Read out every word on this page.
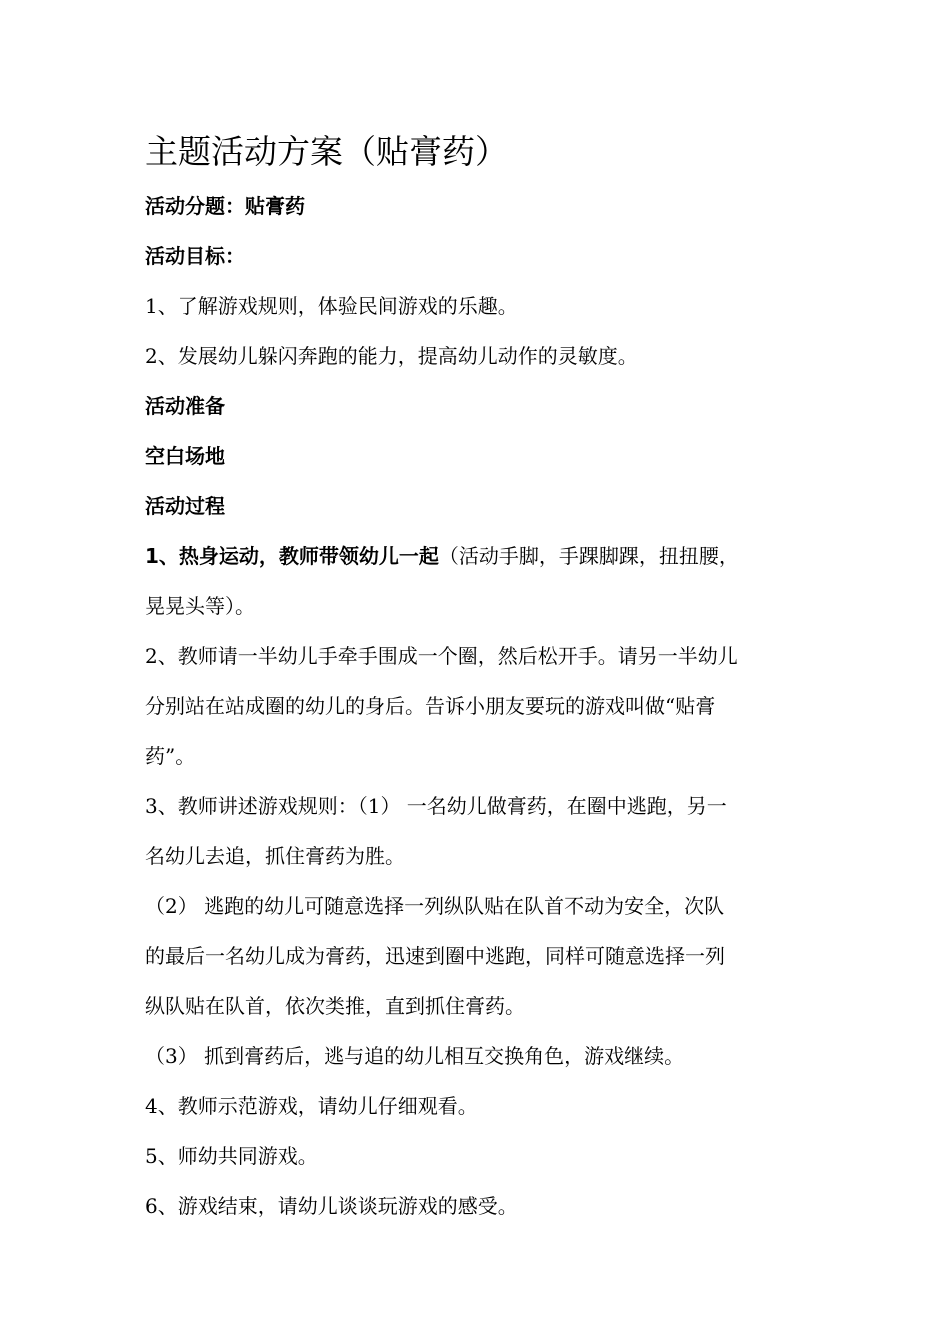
主题活动方案（贴膏药）

活动分题：贴膏药

活动目标：

1、了解游戏规则，体验民间游戏的乐趣。

2、发展幼儿躲闪奔跑的能力，提高幼儿动作的灵敏度。

活动准备

空白场地

活动过程

1、热身运动，教师带领幼儿一起（活动手脚，手踝脚踝，扭扭腰，

晃晃头等）。

2、教师请一半幼儿手牵手围成一个圈，然后松开手。请另一半幼儿

分别站在站成圈的幼儿的身后。告诉小朋友要玩的游戏叫做“贴膏

药”。

3、教师讲述游戏规则：（1） 一名幼儿做膏药，在圈中逃跑，另一

名幼儿去追，抓住膏药为胜。

（2） 逃跑的幼儿可随意选择一列纵队贴在队首不动为安全，次队

的最后一名幼儿成为膏药，迅速到圈中逃跑，同样可随意选择一列

纵队贴在队首，依次类推，直到抓住膏药。

（3） 抓到膏药后，逃与追的幼儿相互交换角色，游戏继续。

4、教师示范游戏，请幼儿仔细观看。

5、师幼共同游戏。

6、游戏结束，请幼儿谈谈玩游戏的感受。
